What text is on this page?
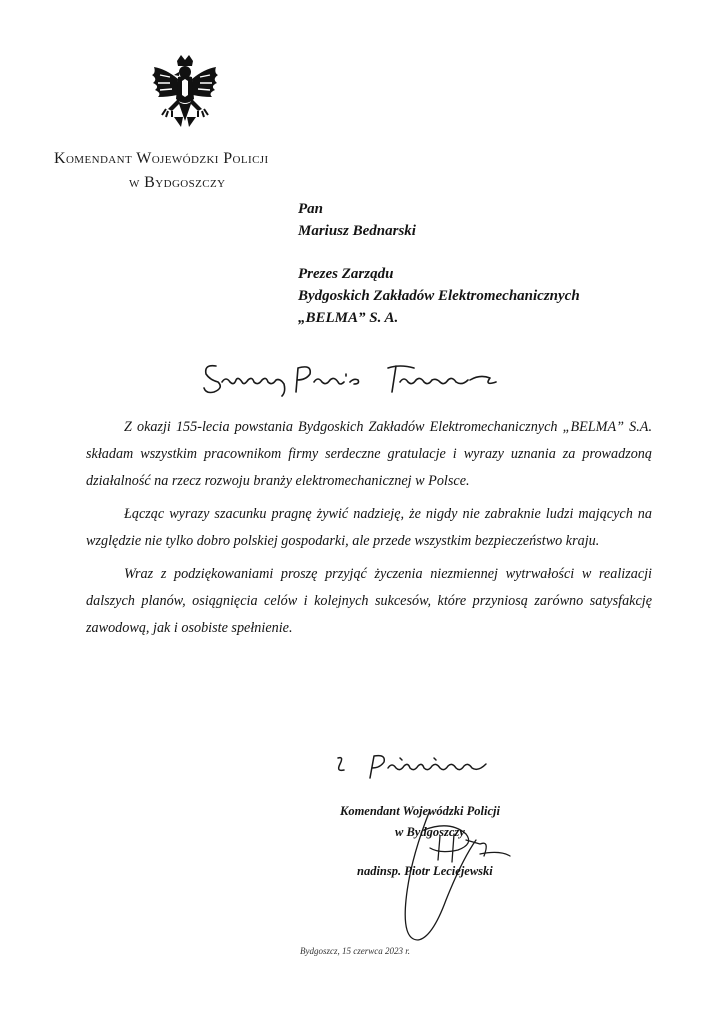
Komendant Wojewódzki Policji
w Bydgoszczy
Pan
Mariusz Bednarski
Prezes Zarządu
Bydgoskich Zakładów Elektromechanicznych
„BELMA” S. A.

Z okazji 155-lecia powstania Bydgoskich Zakładów Elektromechanicznych „BELMA” S.A. składam wszystkim pracownikom firmy serdeczne gratulacje i wyrazy uznania za prowadzoną działalność na rzecz rozwoju branży elektromechanicznej w Polsce.

Łącząc wyrazy szacunku pragnę żywić nadzieję, że nigdy nie zabraknie ludzi mających na względzie nie tylko dobro polskiej gospodarki, ale przede wszystkim bezpieczeństwo kraju.

Wraz z podziękowaniami proszę przyjąć życzenia niezmiennej wytrwałości w realizacji dalszych planów, osiągnięcia celów i kolejnych sukcesów, które przyniosą zarówno satysfakcję zawodową, jak i osobiste spełnienie.

Komendant Wojewódzki Policji
w Bydgoszczy
nadinsp. Piotr Leciejewski
Bydgoszcz, 15 czerwca 2023 r.
